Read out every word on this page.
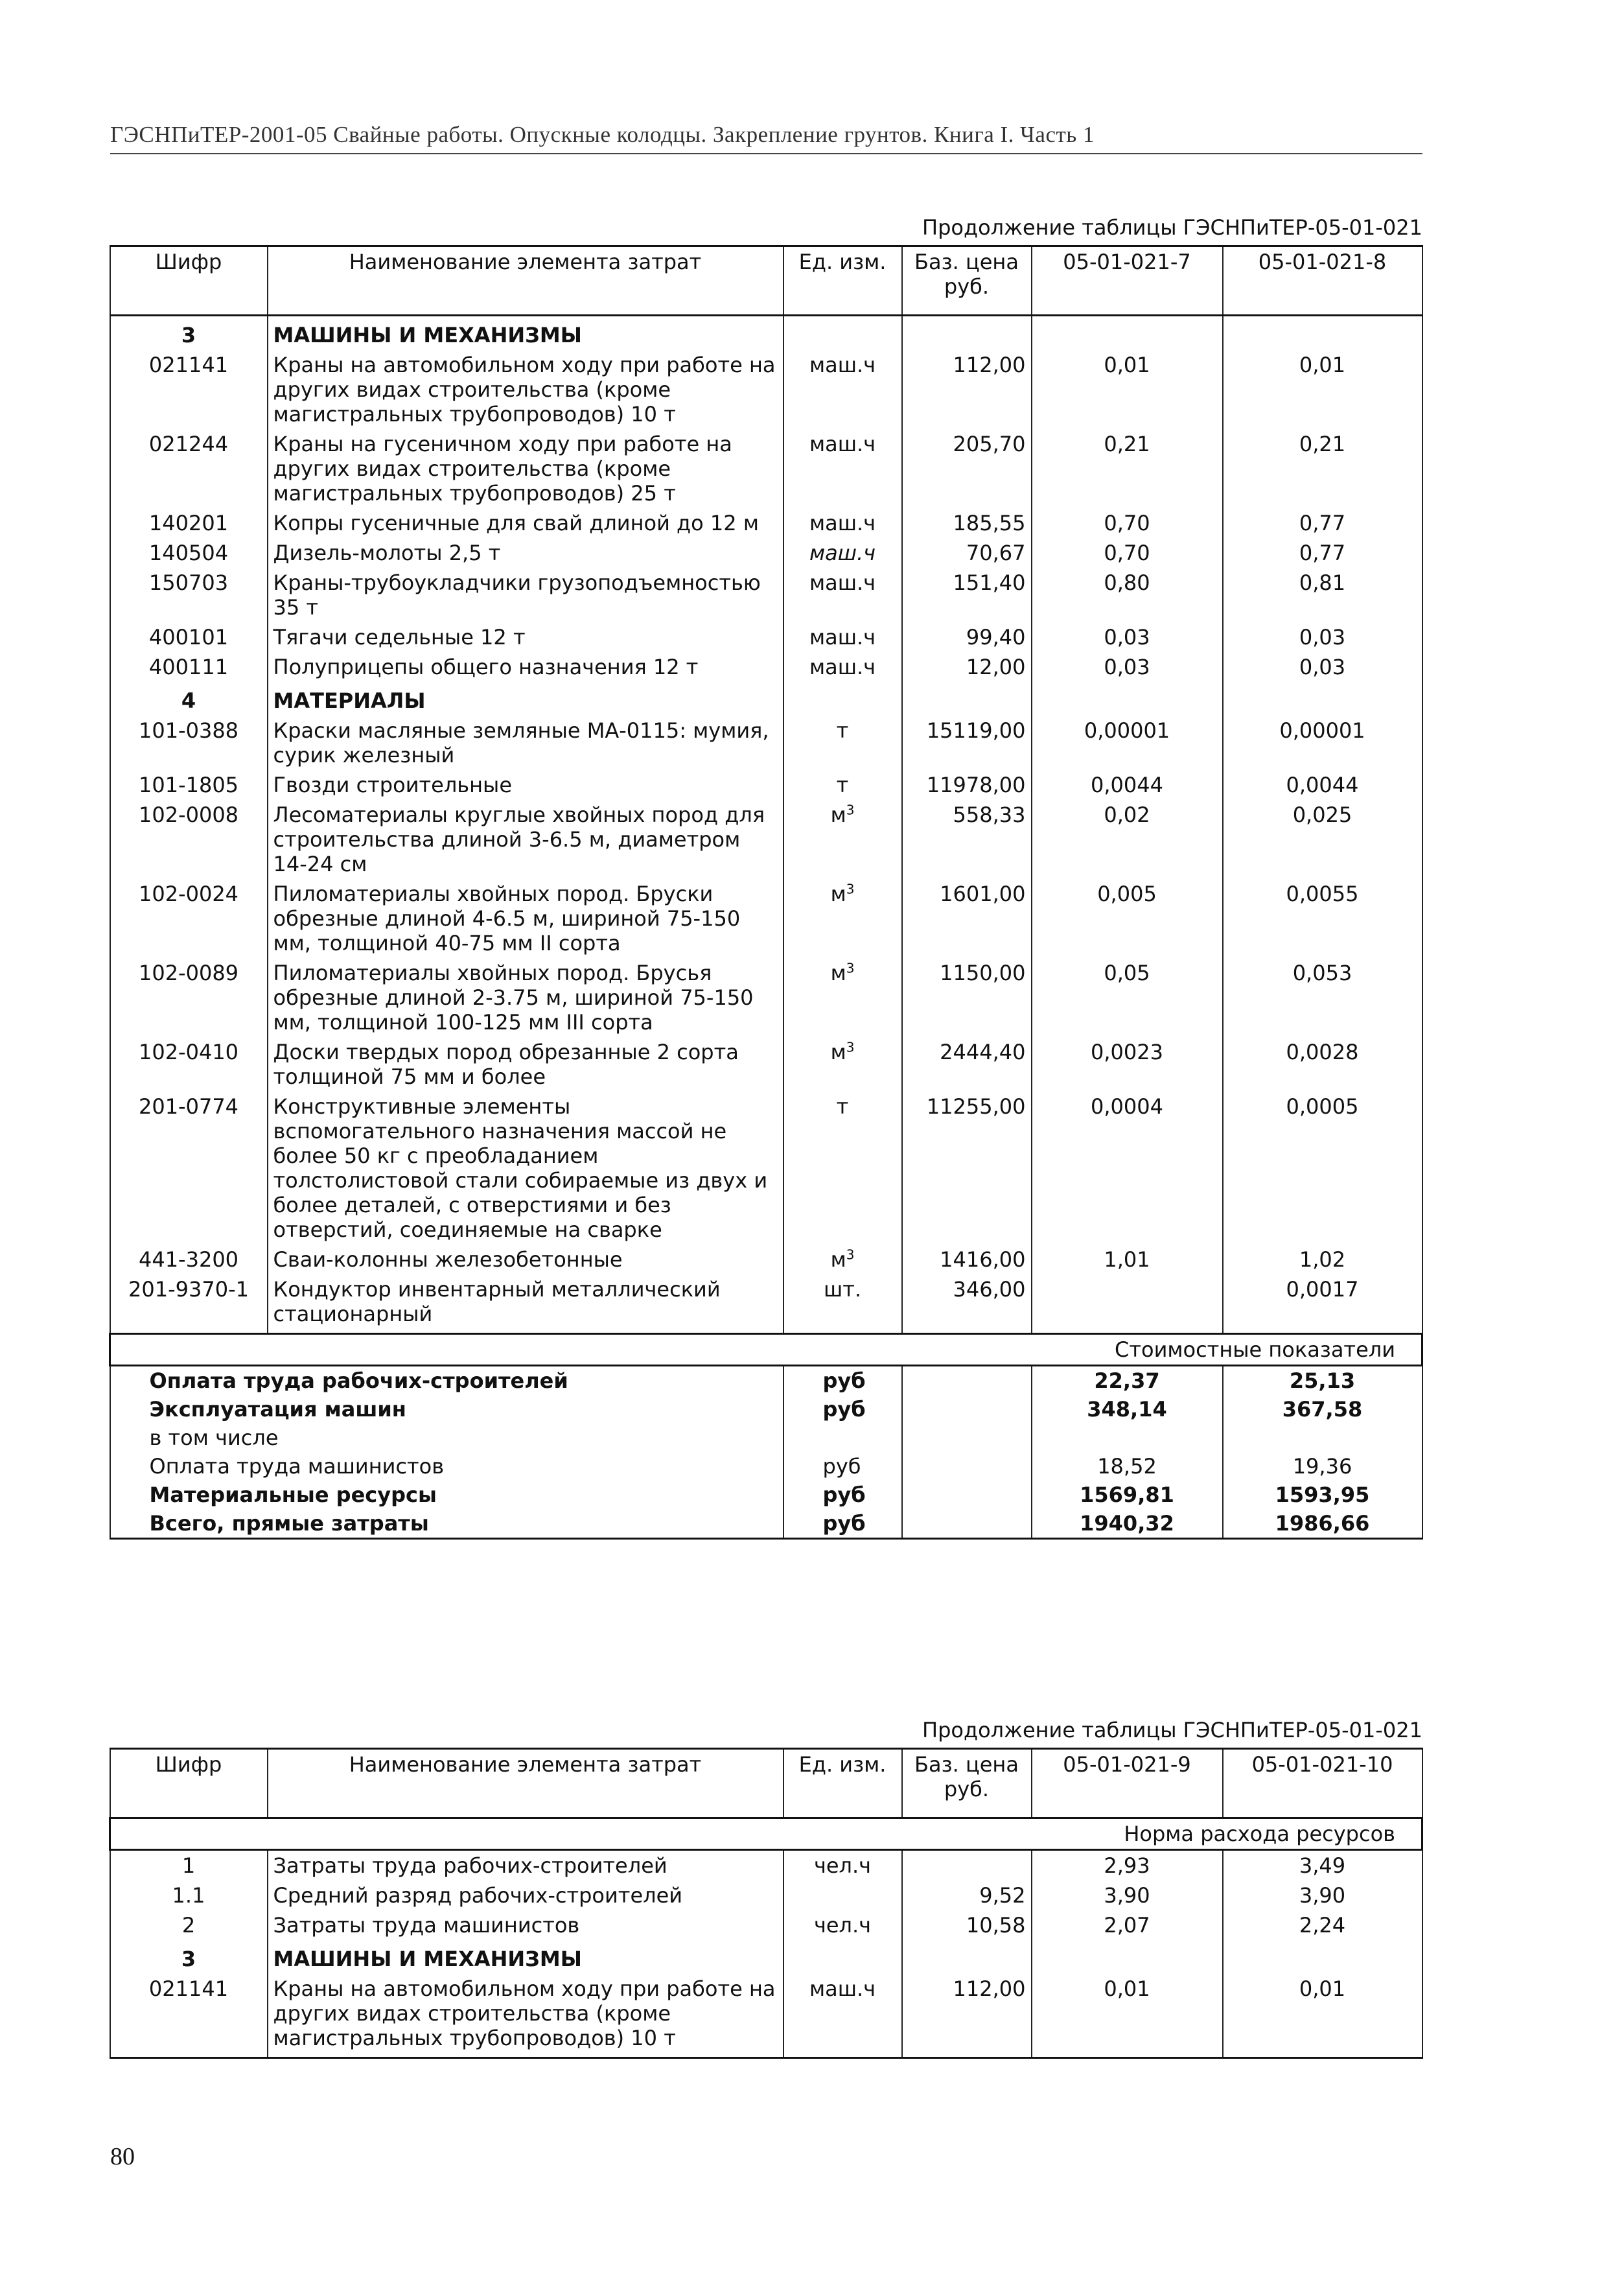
ГЭСНПиТЕР-2001-05 Свайные работы. Опускные колодцы. Закрепление грунтов. Книга I. Часть 1
Продолжение таблицы ГЭСНПиТЕР-05-01-021
Шифр	Наименование элемента затрат	Ед. изм.	Баз. цена руб.	05-01-021-7	05-01-021-8
3	МАШИНЫ И МЕХАНИЗМЫ				
021141	Краны на автомобильном ходу при работе на других видах строительства (кроме магистральных трубопроводов) 10 т	маш.ч	112,00	0,01	0,01
021244	Краны на гусеничном ходу при работе на других видах строительства (кроме магистральных трубопроводов) 25 т	маш.ч	205,70	0,21	0,21
140201	Копры гусеничные для свай длиной до 12 м	маш.ч	185,55	0,70	0,77
140504	Дизель-молоты 2,5 т	маш.ч	70,67	0,70	0,77
150703	Краны-трубоукладчики грузоподъемностью 35 т	маш.ч	151,40	0,80	0,81
400101	Тягачи седельные 12 т	маш.ч	99,40	0,03	0,03
400111	Полуприцепы общего назначения 12 т	маш.ч	12,00	0,03	0,03
4	МАТЕРИАЛЫ				
101-0388	Краски масляные земляные МА-0115: мумия, сурик железный	т	15119,00	0,00001	0,00001
101-1805	Гвозди строительные	т	11978,00	0,0044	0,0044
102-0008	Лесоматериалы круглые хвойных пород для строительства длиной 3-6.5 м, диаметром 14-24 см	$м^3$	558,33	0,02	0,025
102-0024	Пиломатериалы хвойных пород. Бруски обрезные длиной 4-6.5 м, шириной 75-150 мм, толщиной 40-75 мм II сорта	$м^3$	1601,00	0,005	0,0055
102-0089	Пиломатериалы хвойных пород. Брусья обрезные длиной 2-3.75 м, шириной 75-150 мм, толщиной 100-125 мм III сорта	$м^3$	1150,00	0,05	0,053
102-0410	Доски твердых пород обрезанные 2 сорта толщиной 75 мм и более	$м^3$	2444,40	0,0023	0,0028
201-0774	Конструктивные элементы вспомогательного назначения массой не более 50 кг с преобладанием толстолистовой стали собираемые из двух и более деталей, с отверстиями и без отверстий, соединяемые на сварке	т	11255,00	0,0004	0,0005
441-3200	Сваи-колонны железобетонные	$м^3$	1416,00	1,01	1,02
201-9370-1	Кондуктор инвентарный металлический стационарный	шт.	346,00		0,0017
				Стоимостные показатели	
Оплата труда рабочих-строителей		руб		22,37	25,13
Эксплуатация машин		руб		348,14	367,58
в том числе					
Оплата труда машинистов		руб		18,52	19,36
Материальные ресурсы		руб		1569,81	1593,95
Всего, прямые затраты		руб		1940,32	1986,66
Продолжение таблицы ГЭСНПиТЕР-05-01-021
Шифр	Наименование элемента затрат	Ед. изм.	Баз. цена руб.	05-01-021-9	05-01-021-10
				Норма расхода ресурсов	
1	Затраты труда рабочих-строителей	чел.ч		2,93	3,49
1.1	Средний разряд рабочих-строителей		9,52	3,90	3,90
2	Затраты труда машинистов	чел.ч	10,58	2,07	2,24
3	МАШИНЫ И МЕХАНИЗМЫ				
021141	Краны на автомобильном ходу при работе на других видах строительства (кроме магистральных трубопроводов) 10 т	маш.ч	112,00	0,01	0,01
80
